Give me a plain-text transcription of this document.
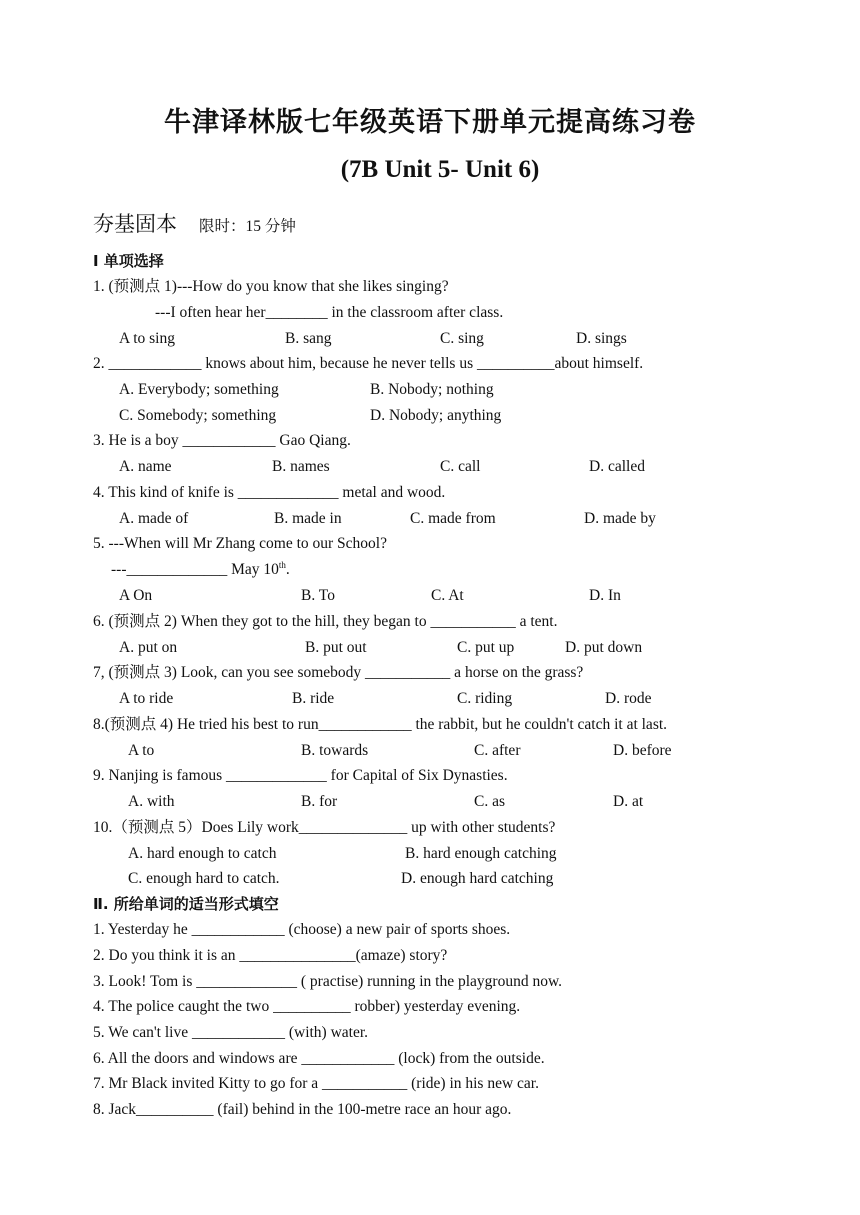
牛津译林版七年级英语下册单元提高练习卷
(7B Unit 5- Unit 6)
夯基固本 限时：15 分钟
I 单项选择
1. (预测点 1)---How do you know that she likes singing?
---I often hear her________ in the classroom after class.
A to sing	B. sang	C. sing	D. sings
2. ____________ knows about him, because he never tells us __________about himself.
A. Everybody; something	B. Nobody; nothing
C. Somebody; something	D. Nobody; anything
3. He is a boy ____________ Gao Qiang.
A. name	B. names	C. call	D. called
4. This kind of knife is _____________ metal and wood.
A. made of	B. made in	C. made from	D. made by
5. ---When will Mr Zhang come to our School?
---_____________ May 10th.
A On	B. To	C. At	D. In
6. (预测点 2) When they got to the hill, they began to ___________ a tent.
A. put on	B. put out	C. put up	D. put down
7, (预测点 3) Look, can you see somebody ___________ a horse on the grass?
A to ride	B. ride	C. riding	D. rode
8.(预测点 4) He tried his best to run____________ the rabbit, but he couldn't catch it at last.
A to	B. towards	C. after	D. before
9. Nanjing is famous _____________ for Capital of Six Dynasties.
A. with	B. for	C. as	D. at
10.（预测点 5）Does Lily work______________ up with other students?
A. hard enough to catch	B. hard enough catching
C. enough hard to catch.	D. enough hard catching
Ⅱ. 所给单词的适当形式填空
1. Yesterday he ____________ (choose) a new pair of sports shoes.
2. Do you think it is an _______________(amaze) story?
3. Look! Tom is _____________ ( practise) running in the playground now.
4. The police caught the two __________ robber) yesterday evening.
5. We can't live ____________ (with) water.
6. All the doors and windows are ____________ (lock) from the outside.
7. Mr Black invited Kitty to go for a ___________ (ride) in his new car.
8. Jack__________ (fail) behind in the 100-metre race an hour ago.
